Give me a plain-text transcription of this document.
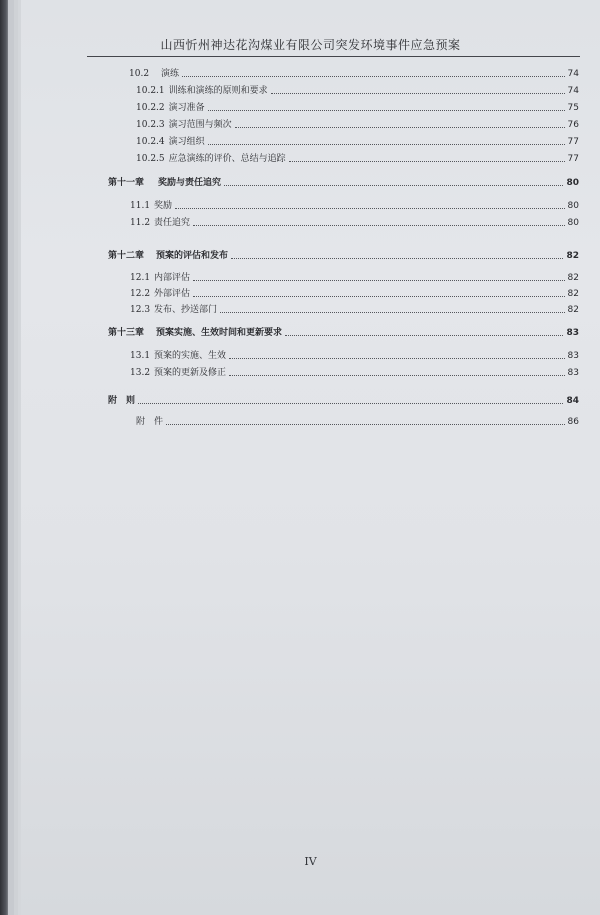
山西忻州神达花沟煤业有限公司突发环境事件应急预案
10.2 演练	74
10.2.1 训练和演练的原则和要求	74
10.2.2 演习准备	75
10.2.3 演习范围与频次	76
10.2.4 演习组织	77
10.2.5 应急演练的评价、总结与追踪	77
第十一章 奖励与责任追究	80
11.1 奖励	80
11.2 责任追究	80
第十二章 预案的评估和发布	82
12.1 内部评估	82
12.2 外部评估	82
12.3 发布、抄送部门	82
第十三章 预案实施、生效时间和更新要求	83
13.1 预案的实施、生效	83
13.2 预案的更新及修正	83
附　则	84
附　件	86
IV
